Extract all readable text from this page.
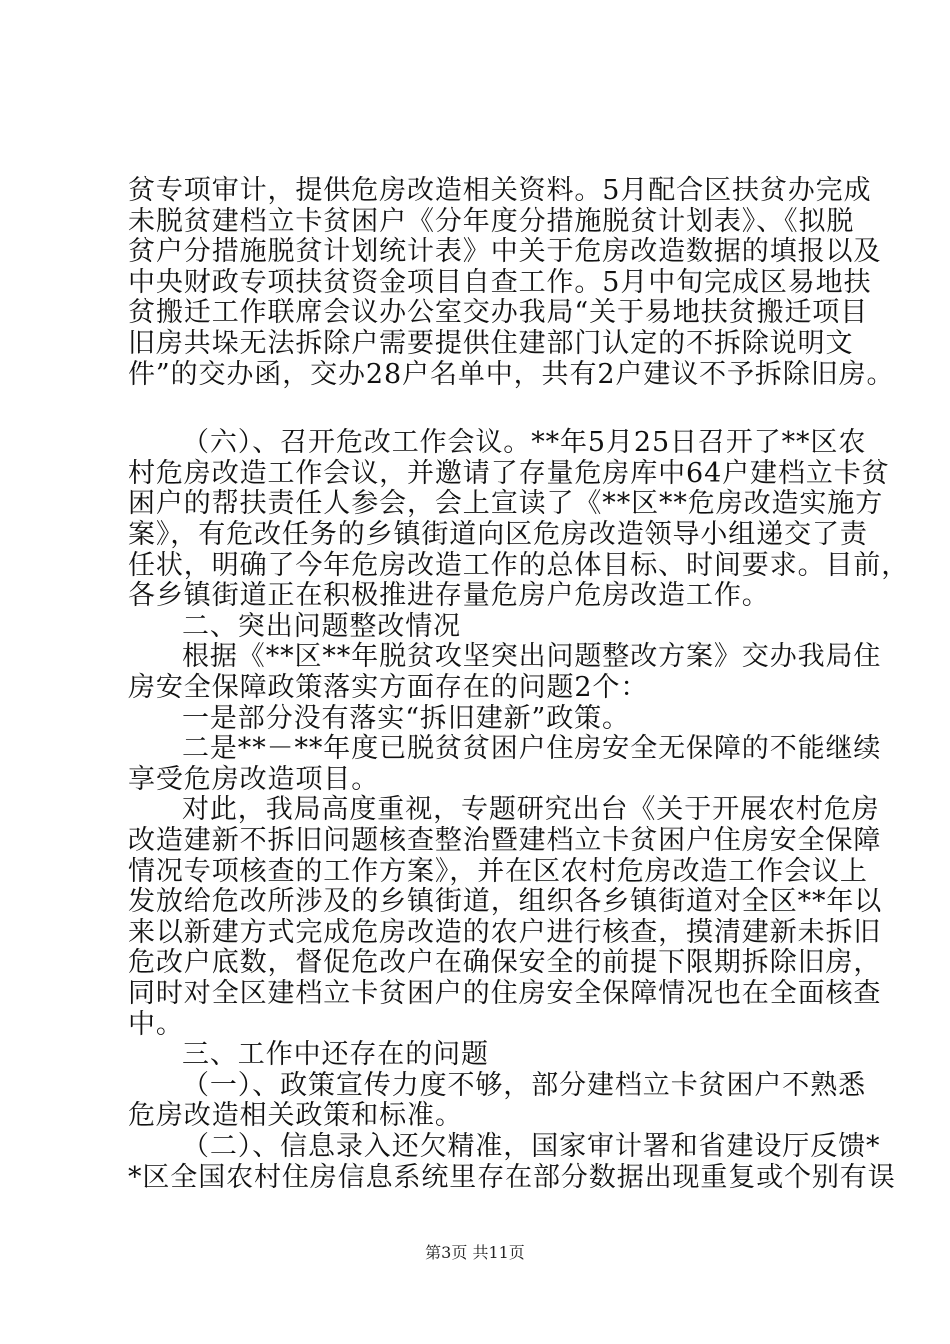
贫专项审计，提供危房改造相关资料。5月配合区扶贫办完成
未脱贫建档立卡贫困户《分年度分措施脱贫计划表》、《拟脱
贫户分措施脱贫计划统计表》中关于危房改造数据的填报以及
中央财政专项扶贫资金项目自查工作。5月中旬完成区易地扶
贫搬迁工作联席会议办公室交办我局“关于易地扶贫搬迁项目
旧房共垛无法拆除户需要提供住建部门认定的不拆除说明文
件”的交办函，交办28户名单中，共有2户建议不予拆除旧房。
（六）、召开危改工作会议。**年5月25日召开了**区农
村危房改造工作会议，并邀请了存量危房库中64户建档立卡贫
困户的帮扶责任人参会，会上宣读了《**区**危房改造实施方
案》，有危改任务的乡镇街道向区危房改造领导小组递交了责
任状，明确了今年危房改造工作的总体目标、时间要求。目前，
各乡镇街道正在积极推进存量危房户危房改造工作。
二、突出问题整改情况
根据《**区**年脱贫攻坚突出问题整改方案》交办我局住
房安全保障政策落实方面存在的问题2个：
一是部分没有落实“拆旧建新”政策。
二是**－**年度已脱贫贫困户住房安全无保障的不能继续
享受危房改造项目。
对此，我局高度重视，专题研究出台《关于开展农村危房
改造建新不拆旧问题核查整治暨建档立卡贫困户住房安全保障
情况专项核查的工作方案》，并在区农村危房改造工作会议上
发放给危改所涉及的乡镇街道，组织各乡镇街道对全区**年以
来以新建方式完成危房改造的农户进行核查，摸清建新未拆旧
危改户底数，督促危改户在确保安全的前提下限期拆除旧房，
同时对全区建档立卡贫困户的住房安全保障情况也在全面核查
中。
三、工作中还存在的问题
（一）、政策宣传力度不够，部分建档立卡贫困户不熟悉
危房改造相关政策和标准。
（二）、信息录入还欠精准，国家审计署和省建设厅反馈*
*区全国农村住房信息系统里存在部分数据出现重复或个别有误
第3页 共11页
